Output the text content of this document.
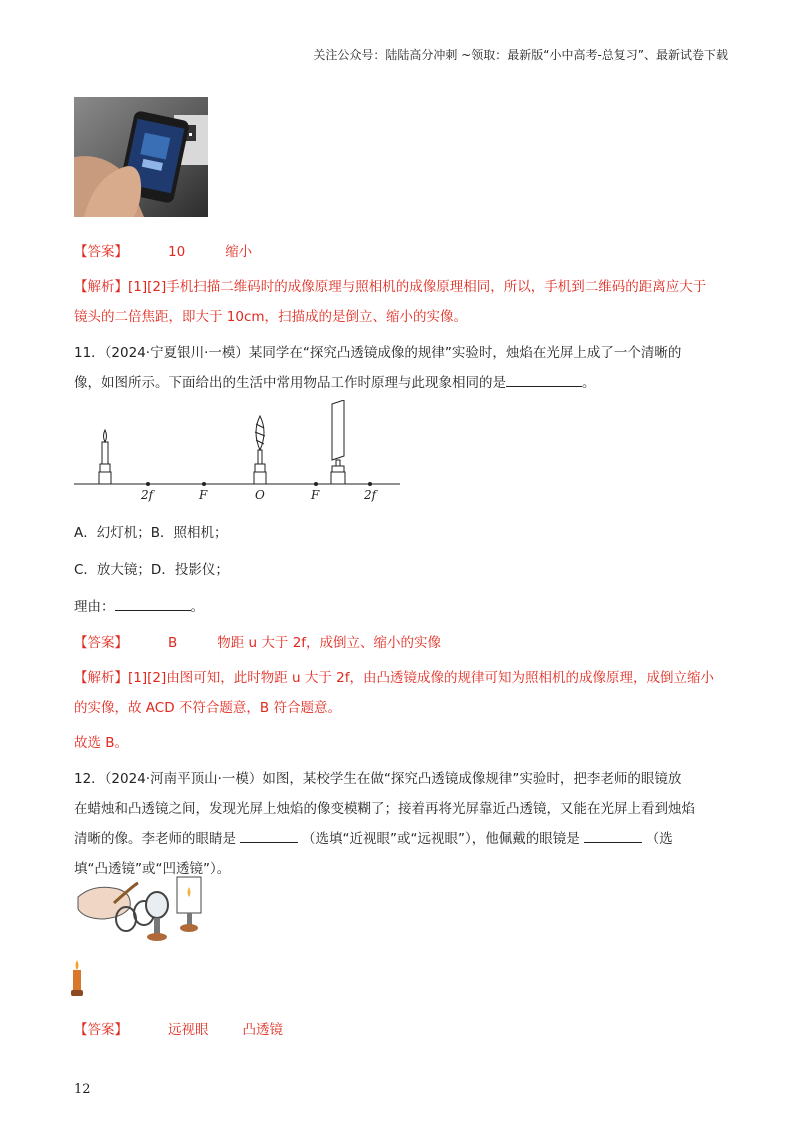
关注公众号：陆陆高分冲刺 ~领取：最新版“小中高考-总复习”、最新试卷下载
【答案】	10	缩小
【解析】[1][2]手机扫描二维码时的成像原理与照相机的成像原理相同，所以，手机到二维码的距离应大于
镜头的二倍焦距，即大于 10cm，扫描成的是倒立、缩小的实像。
11．（2024·宁夏银川·一模）某同学在“探究凸透镜成像的规律”实验时，烛焰在光屏上成了一个清晰的
像，如图所示。下面给出的生活中常用物品工作时原理与此现象相同的是	。
2f	F	O	F	2f
A．幻灯机；B．照相机；
C．放大镜；D．投影仪；
理由：	。
【答案】	B	物距 u 大于 2f，成倒立、缩小的实像
【解析】[1][2]由图可知，此时物距 u 大于 2f，由凸透镜成像的规律可知为照相机的成像原理，成倒立缩小
的实像，故 ACD 不符合题意，B 符合题意。
故选 B。
12．（2024·河南平顶山·一模）如图，某校学生在做“探究凸透镜成像规律”实验时，把李老师的眼镜放
在蜡烛和凸透镜之间，发现光屏上烛焰的像变模糊了；接着再将光屏靠近凸透镜，又能在光屏上看到烛焰
清晰的像。李老师的眼睛是	（选填“近视眼”或“远视眼”），他佩戴的眼镜是	（选
填“凸透镜”或“凹透镜”）。
【答案】	远视眼	凸透镜
12
